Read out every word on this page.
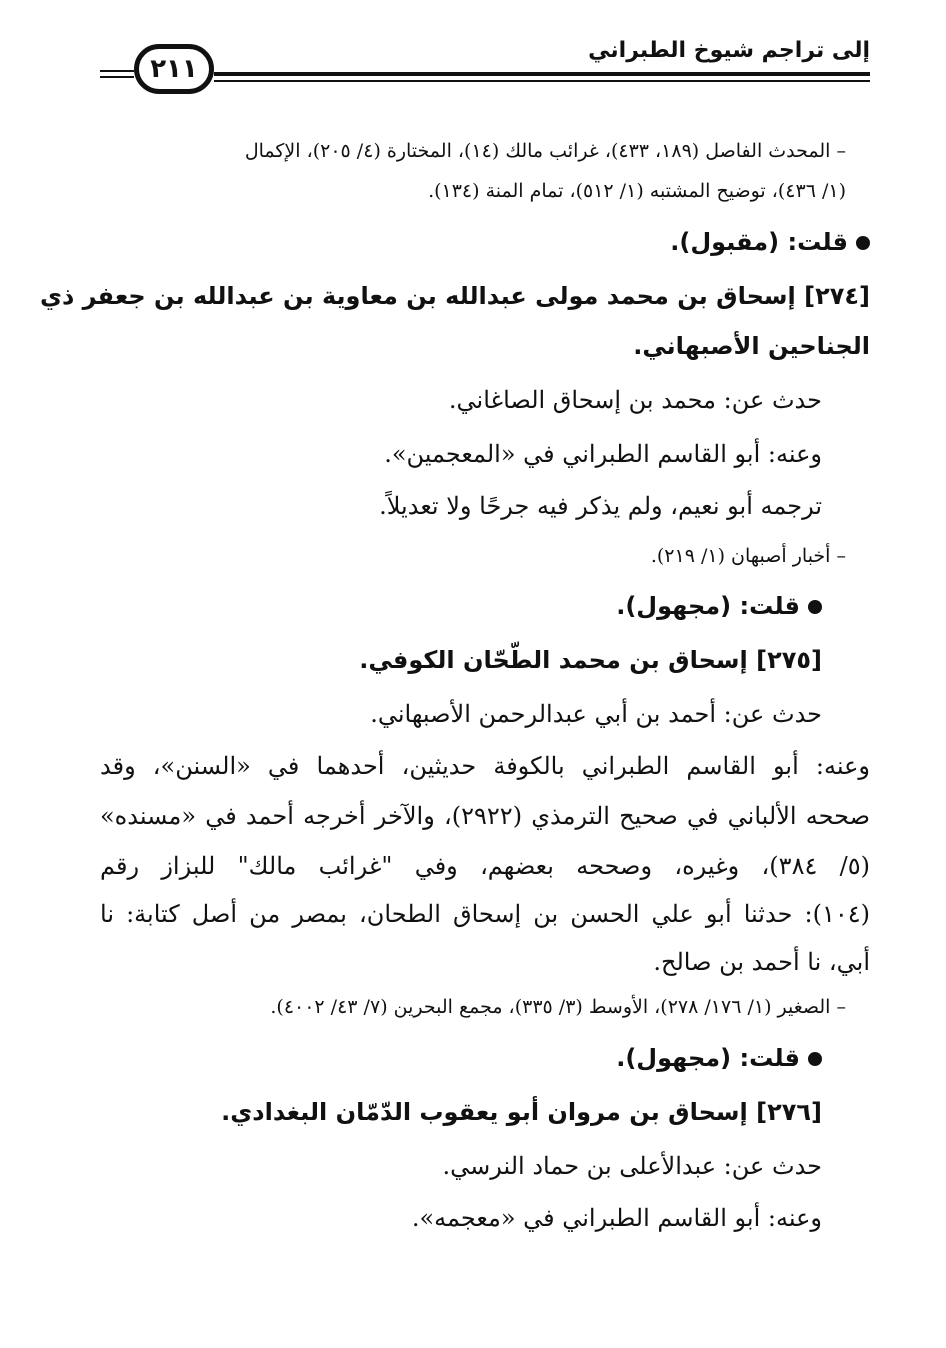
إلى تراجم شيوخ الطبراني
٢١١
– المحدث الفاصل (١٨٩، ٤٣٣)، غرائب مالك (١٤)، المختارة (٤/ ٢٠٥)، الإكمال
(١/ ٤٣٦)، توضيح المشتبه (١/ ٥١٢)، تمام المنة (١٣٤).
قلت: (مقبول).
[٢٧٤] إسحاق بن محمد مولى عبدالله بن معاوية بن عبدالله بن جعفر ذي
الجناحين الأصبهاني.
حدث عن: محمد بن إسحاق الصاغاني.
وعنه: أبو القاسم الطبراني في «المعجمين».
ترجمه أبو نعيم، ولم يذكر فيه جرحًا ولا تعديلاً.
– أخبار أصبهان (١/ ٢١٩).
قلت: (مجهول).
[٢٧٥] إسحاق بن محمد الطّحّان الكوفي.
حدث عن: أحمد بن أبي عبدالرحمن الأصبهاني.
وعنه: أبو القاسم الطبراني بالكوفة حديثين، أحدهما في «السنن»، وقد
صححه الألباني في صحيح الترمذي (٢٩٢٢)، والآخر أخرجه أحمد في «مسنده»
(٥/ ٣٨٤)، وغيره، وصححه بعضهم، وفي "غرائب مالك" للبزاز رقم
(١٠٤): حدثنا أبو علي الحسن بن إسحاق الطحان، بمصر من أصل كتابة: نا
أبي، نا أحمد بن صالح.
– الصغير (١/ ١٧٦/ ٢٧٨)، الأوسط (٣/ ٣٣٥)، مجمع البحرين (٧/ ٤٣/ ٤٠٠٢).
قلت: (مجهول).
[٢٧٦] إسحاق بن مروان أبو يعقوب الدّمّان البغدادي.
حدث عن: عبدالأعلى بن حماد النرسي.
وعنه: أبو القاسم الطبراني في «معجمه».
